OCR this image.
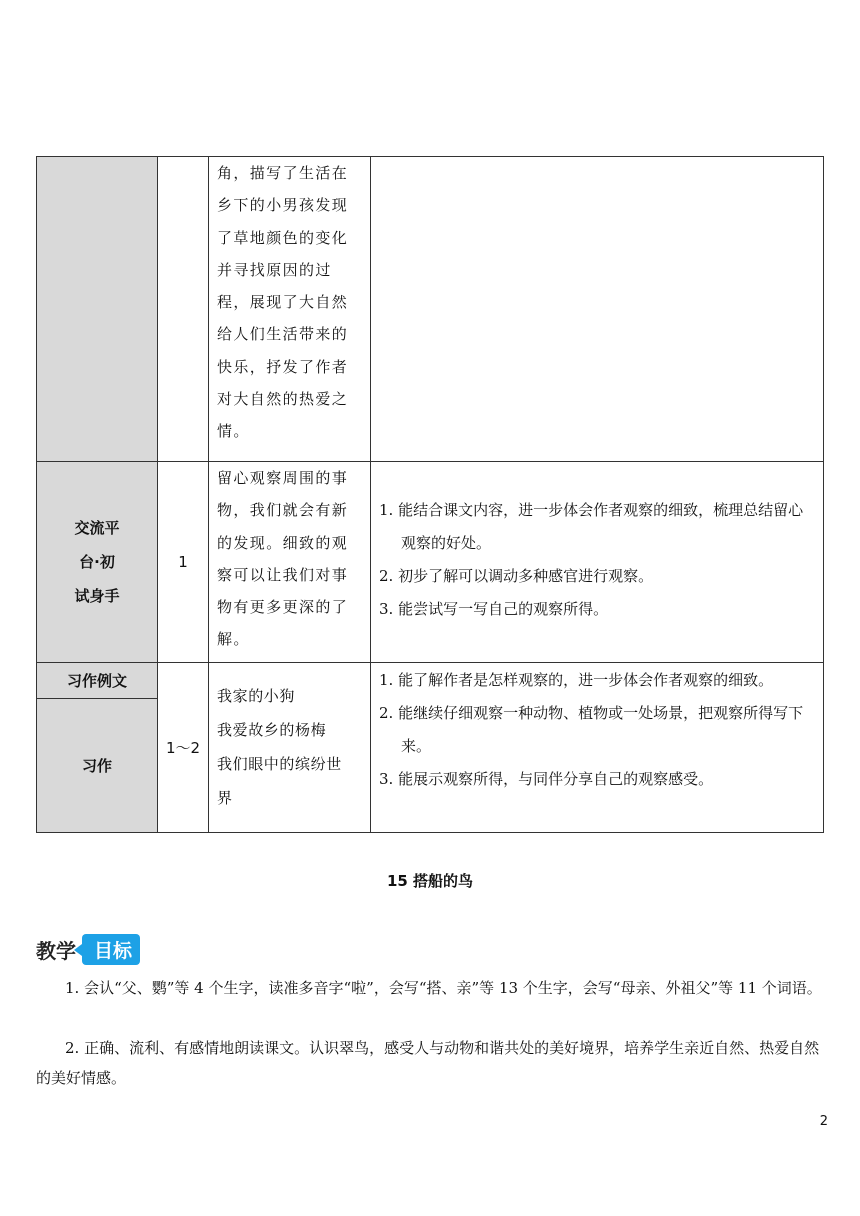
角，描写了生活在
乡下的小男孩发现
了草地颜色的变化
并寻找原因的过
程，展现了大自然
给人们生活带来的
快乐，抒发了作者
对大自然的热爱之
情。
交流平
台·初
试身手
1
留心观察周围的事
物，我们就会有新
的发现。细致的观
察可以让我们对事
物有更多更深的了
解。

1. 能结合课文内容，进一步体会作者观察的细致，梳理总结留心观察的好处。

2. 初步了解可以调动多种感官进行观察。

3. 能尝试写一写自己的观察所得。

习作例文
习作
1～2
我家的小狗
我爱故乡的杨梅
我们眼中的缤纷世
界

1. 能了解作者是怎样观察的，进一步体会作者观察的细致。

2. 能继续仔细观察一种动物、植物或一处场景，把观察所得写下来。

3. 能展示观察所得，与同伴分享自己的观察感受。

15 搭船的鸟
教学 目标

1. 会认“父、鹦”等 4 个生字，读准多音字“啦”，会写“搭、亲”等 13 个生字，会写“母亲、外祖父”等 11 个词语。

2. 正确、流利、有感情地朗读课文。认识翠鸟，感受人与动物和谐共处的美好境界，培养学生亲近自然、热爱自然的美好情感。

2
